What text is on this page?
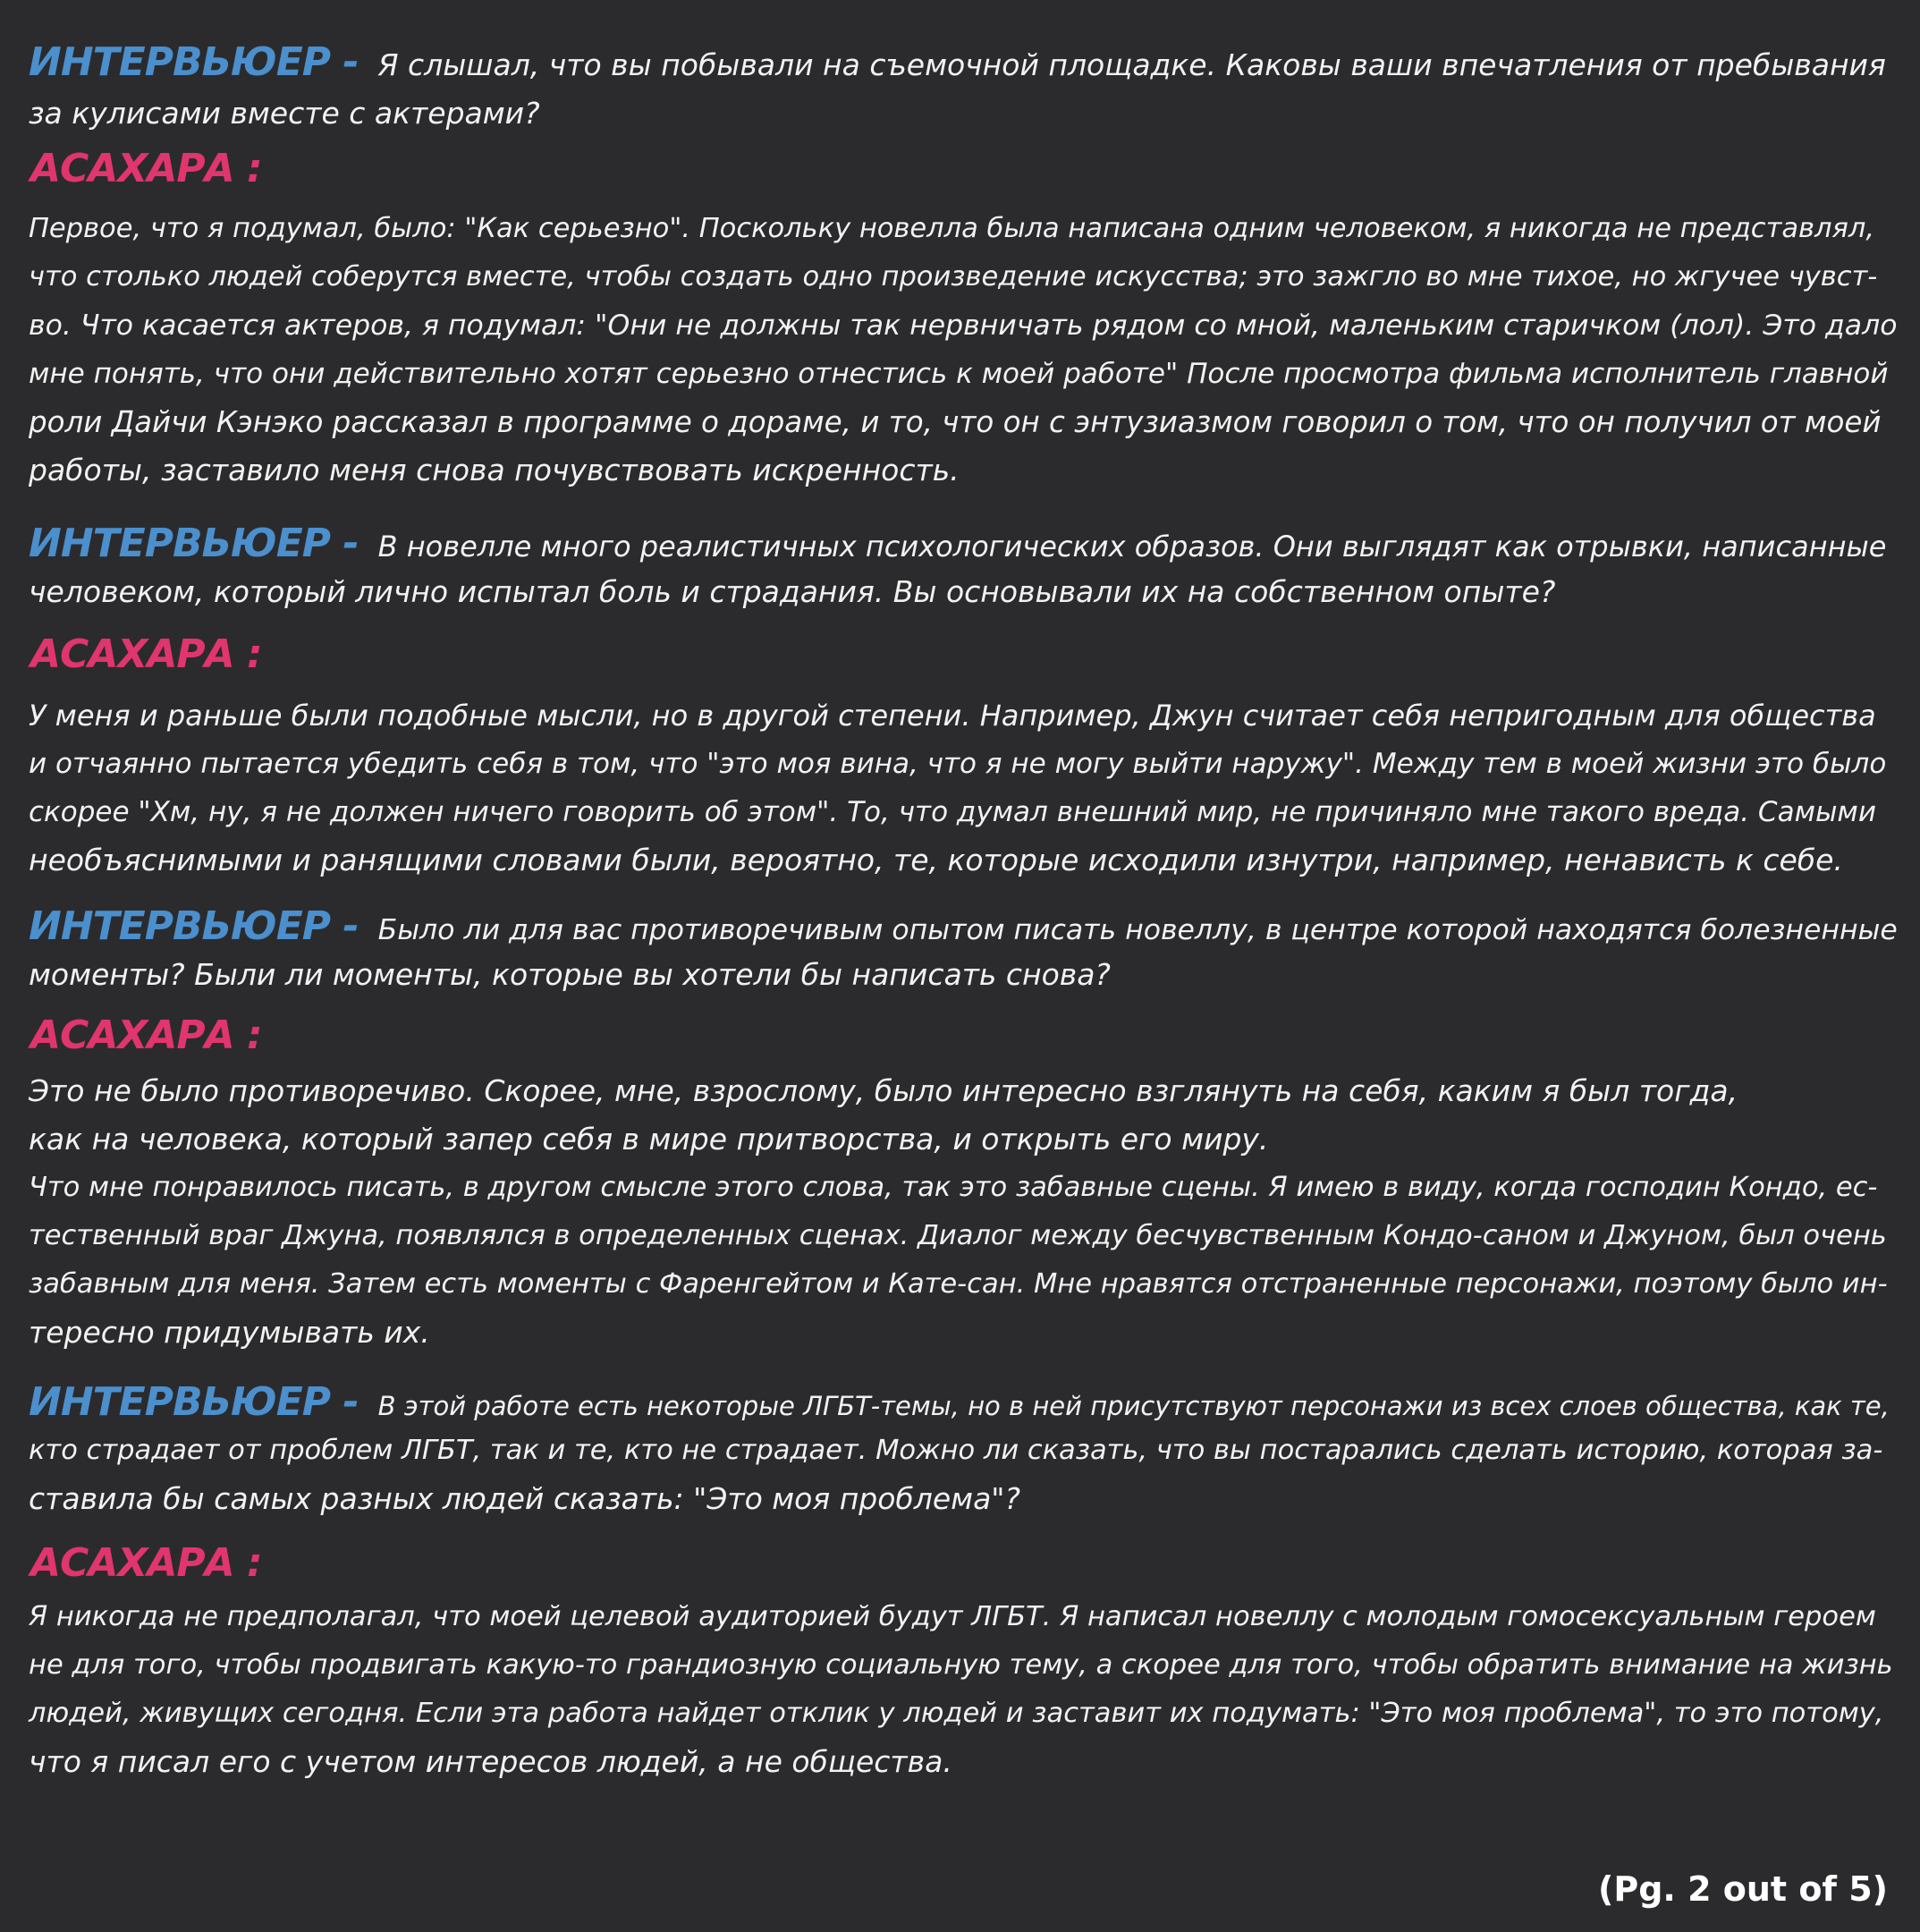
ИНТЕРВЬЮЕР - Я слышал, что вы побывали на съемочной площадке. Каковы ваши впечатления от пребывания

за кулисами вместе с актерами?

АСАХАРА :

Первое, что я подумал, было: "Как серьезно". Поскольку новелла была написана одним человеком, я никогда не представлял,

что столько людей соберутся вместе, чтобы создать одно произведение искусства; это зажгло во мне тихое, но жгучее чувст-

во. Что касается актеров, я подумал: "Они не должны так нервничать рядом со мной, маленьким старичком (лол). Это дало

мне понять, что они действительно хотят серьезно отнестись к моей работе" После просмотра фильма исполнитель главной

роли Дайчи Кэнэко рассказал в программе о дораме, и то, что он с энтузиазмом говорил о том, что он получил от моей

работы, заставило меня снова почувствовать искренность.

ИНТЕРВЬЮЕР - В новелле много реалистичных психологических образов. Они выглядят как отрывки, написанные

человеком, который лично испытал боль и страдания. Вы основывали их на собственном опыте?

АСАХАРА :

У меня и раньше были подобные мысли, но в другой степени. Например, Джун считает себя непригодным для общества

и отчаянно пытается убедить себя в том, что "это моя вина, что я не могу выйти наружу". Между тем в моей жизни это было

скорее "Хм, ну, я не должен ничего говорить об этом". То, что думал внешний мир, не причиняло мне такого вреда. Самыми

необъяснимыми и ранящими словами были, вероятно, те, которые исходили изнутри, например, ненависть к себе.

ИНТЕРВЬЮЕР - Было ли для вас противоречивым опытом писать новеллу, в центре которой находятся болезненные

моменты? Были ли моменты, которые вы хотели бы написать снова?

АСАХАРА :

Это не было противоречиво. Скорее, мне, взрослому, было интересно взглянуть на себя, каким я был тогда,

как на человека, который запер себя в мире притворства, и открыть его миру.

Что мне понравилось писать, в другом смысле этого слова, так это забавные сцены. Я имею в виду, когда господин Кондо, ес-

тественный враг Джуна, появлялся в определенных сценах. Диалог между бесчувственным Кондо-саном и Джуном, был очень

забавным для меня. Затем есть моменты с Фаренгейтом и Кате-сан. Мне нравятся отстраненные персонажи, поэтому было ин-

тересно придумывать их.

ИНТЕРВЬЮЕР - В этой работе есть некоторые ЛГБТ-темы, но в ней присутствуют персонажи из всех слоев общества, как те,

кто страдает от проблем ЛГБТ, так и те, кто не страдает. Можно ли сказать, что вы постарались сделать историю, которая за-

ставила бы самых разных людей сказать: "Это моя проблема"?

АСАХАРА :

Я никогда не предполагал, что моей целевой аудиторией будут ЛГБТ. Я написал новеллу с молодым гомосексуальным героем

не для того, чтобы продвигать какую-то грандиозную социальную тему, а скорее для того, чтобы обратить внимание на жизнь

людей, живущих сегодня. Если эта работа найдет отклик у людей и заставит их подумать: "Это моя проблема", то это потому,

что я писал его с учетом интересов людей, а не общества.

(Pg. 2 out of 5)
